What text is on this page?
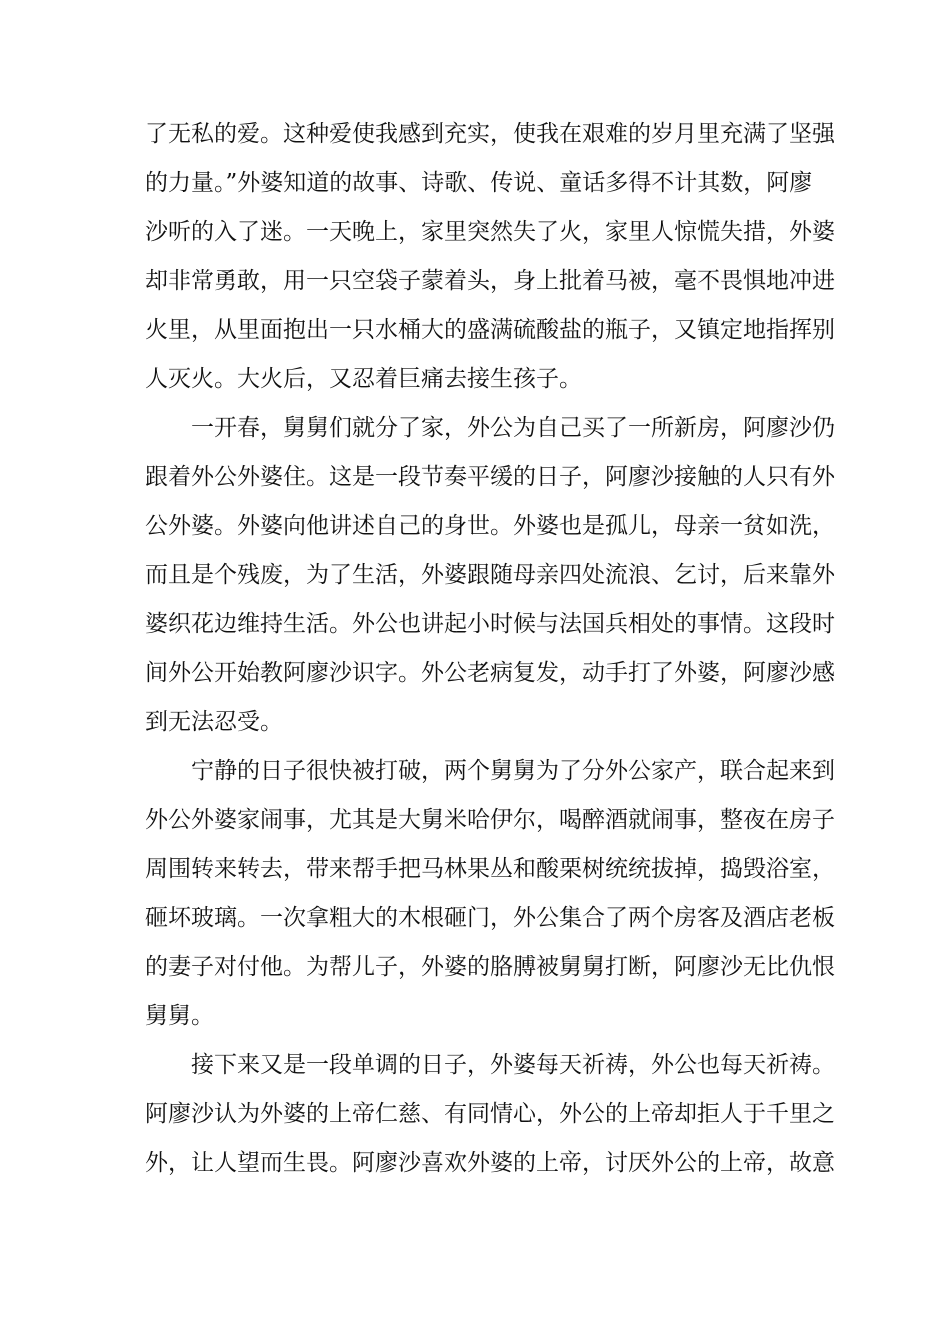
了无私的爱。这种爱使我感到充实，使我在艰难的岁月里充满了坚强
的力量。”外婆知道的故事、诗歌、传说、童话多得不计其数，阿廖
沙听的入了迷。一天晚上，家里突然失了火，家里人惊慌失措，外婆
却非常勇敢，用一只空袋子蒙着头，身上批着马被，毫不畏惧地冲进
火里，从里面抱出一只水桶大的盛满硫酸盐的瓶子，又镇定地指挥别
人灭火。大火后，又忍着巨痛去接生孩子。
一开春，舅舅们就分了家，外公为自己买了一所新房，阿廖沙仍
跟着外公外婆住。这是一段节奏平缓的日子，阿廖沙接触的人只有外
公外婆。外婆向他讲述自己的身世。外婆也是孤儿，母亲一贫如洗，
而且是个残废，为了生活，外婆跟随母亲四处流浪、乞讨，后来靠外
婆织花边维持生活。外公也讲起小时候与法国兵相处的事情。这段时
间外公开始教阿廖沙识字。外公老病复发，动手打了外婆，阿廖沙感
到无法忍受。
宁静的日子很快被打破，两个舅舅为了分外公家产，联合起来到
外公外婆家闹事，尤其是大舅米哈伊尔，喝醉酒就闹事，整夜在房子
周围转来转去，带来帮手把马林果丛和酸栗树统统拔掉，捣毁浴室，
砸坏玻璃。一次拿粗大的木根砸门，外公集合了两个房客及酒店老板
的妻子对付他。为帮儿子，外婆的胳膊被舅舅打断，阿廖沙无比仇恨
舅舅。
接下来又是一段单调的日子，外婆每天祈祷，外公也每天祈祷。
阿廖沙认为外婆的上帝仁慈、有同情心，外公的上帝却拒人于千里之
外，让人望而生畏。阿廖沙喜欢外婆的上帝，讨厌外公的上帝，故意
